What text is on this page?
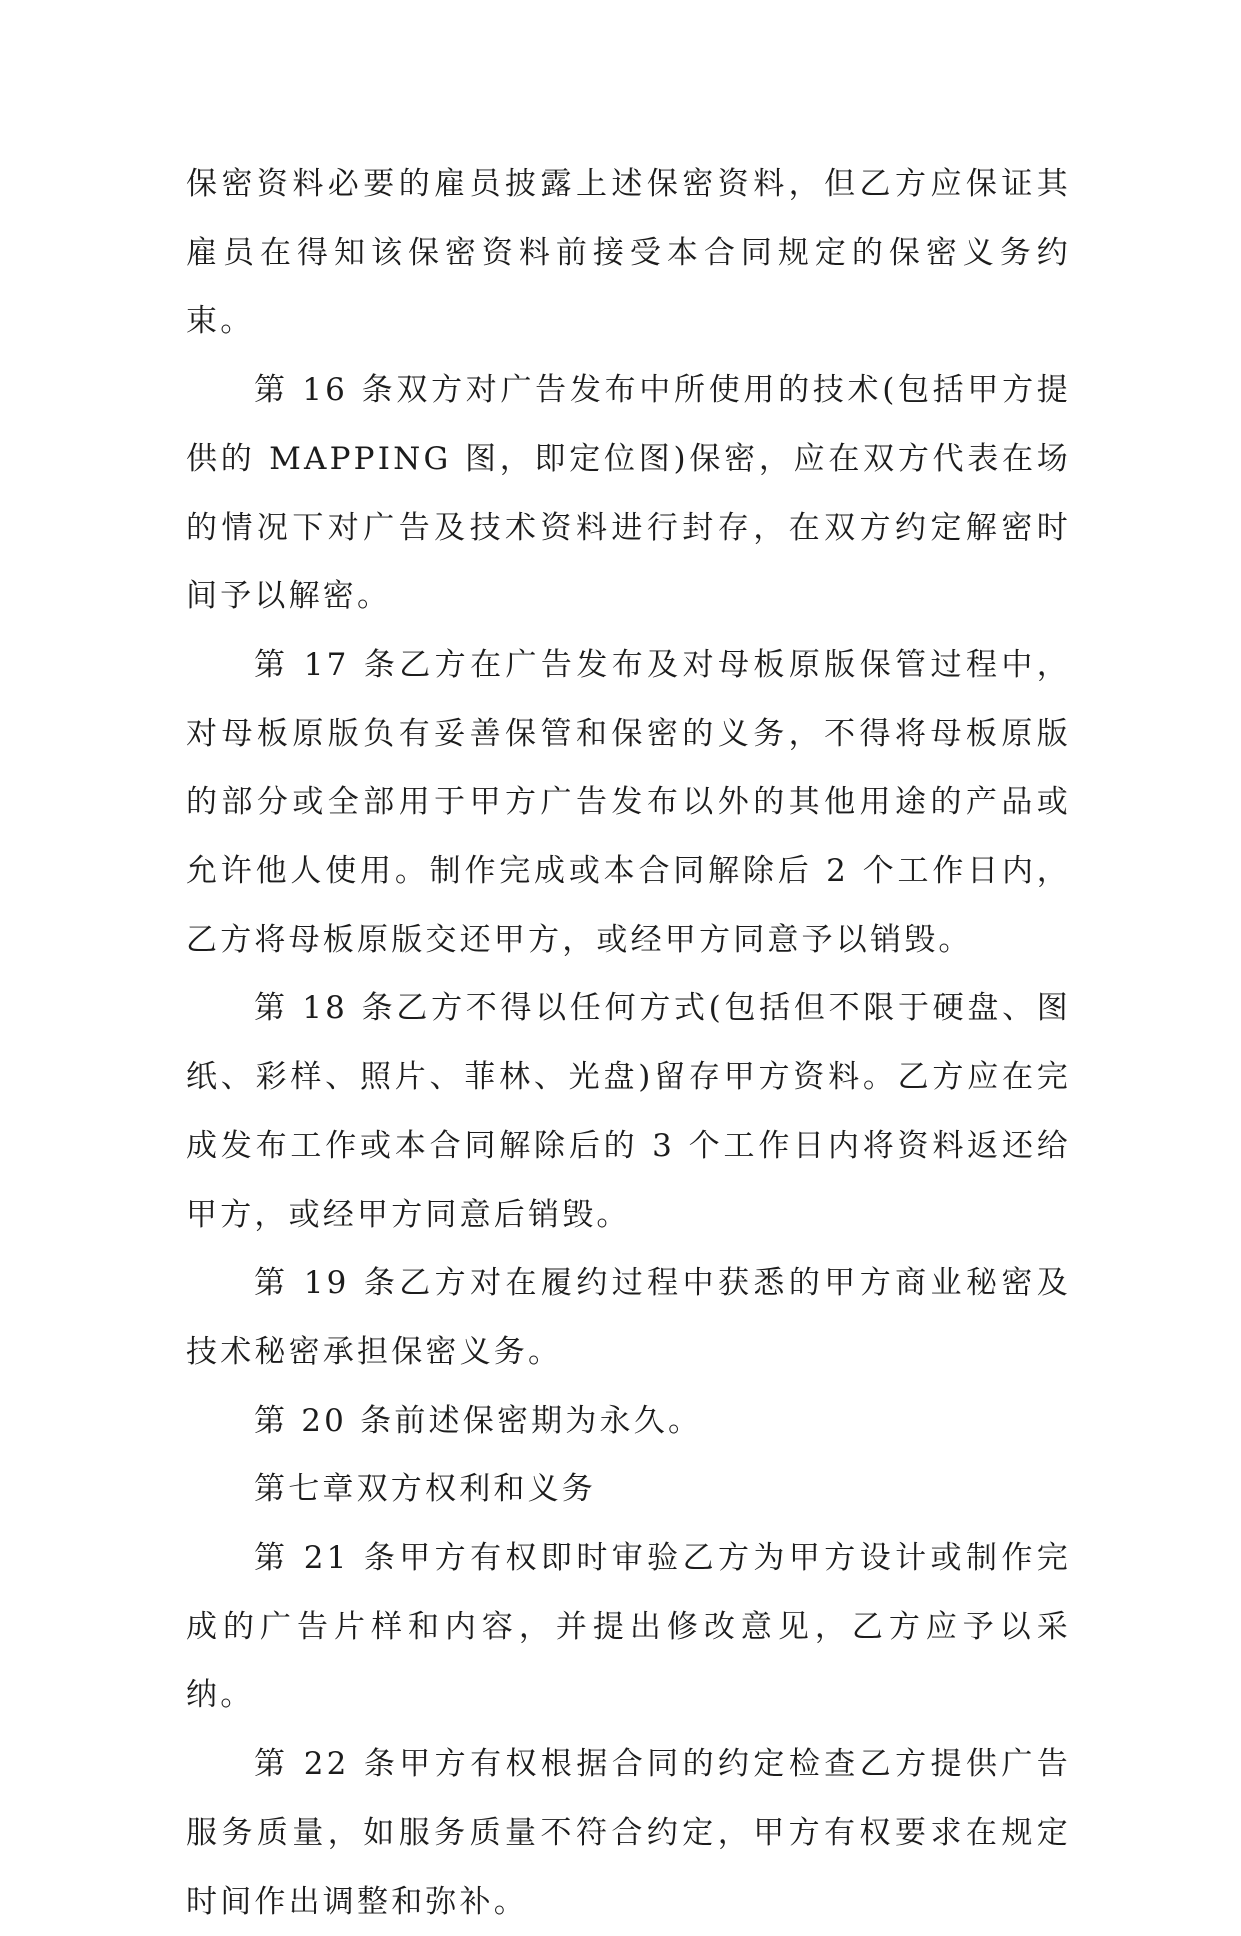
保密资料必要的雇员披露上述保密资料，但乙方应保证其雇员在得知该保密资料前接受本合同规定的保密义务约束。

第 16 条双方对广告发布中所使用的技术(包括甲方提供的 MAPPING 图，即定位图)保密，应在双方代表在场的情况下对广告及技术资料进行封存，在双方约定解密时间予以解密。

第 17 条乙方在广告发布及对母板原版保管过程中，对母板原版负有妥善保管和保密的义务，不得将母板原版的部分或全部用于甲方广告发布以外的其他用途的产品或允许他人使用。制作完成或本合同解除后 2 个工作日内，乙方将母板原版交还甲方，或经甲方同意予以销毁。

第 18 条乙方不得以任何方式(包括但不限于硬盘、图纸、彩样、照片、菲林、光盘)留存甲方资料。乙方应在完成发布工作或本合同解除后的 3 个工作日内将资料返还给甲方，或经甲方同意后销毁。

第 19 条乙方对在履约过程中获悉的甲方商业秘密及技术秘密承担保密义务。

第 20 条前述保密期为永久。

第七章双方权利和义务

第 21 条甲方有权即时审验乙方为甲方设计或制作完成的广告片样和内容，并提出修改意见，乙方应予以采纳。

第 22 条甲方有权根据合同的约定检查乙方提供广告服务质量，如服务质量不符合约定，甲方有权要求在规定时间作出调整和弥补。
